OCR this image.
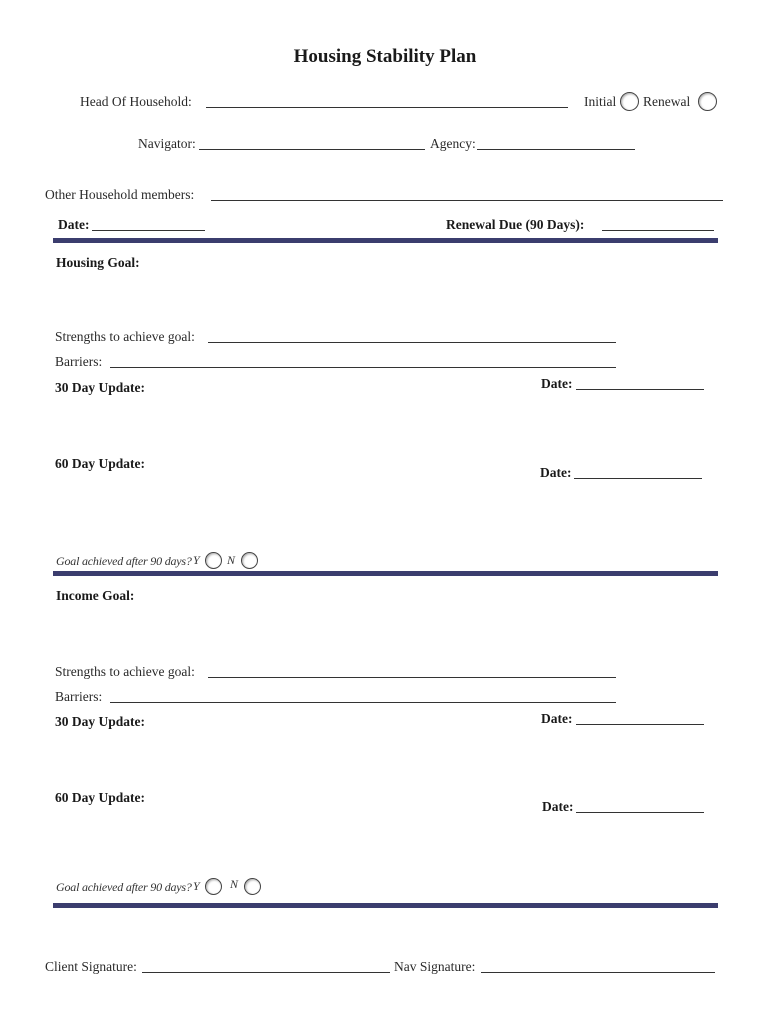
Housing Stability Plan
Head Of Household:	Initial Renewal
Navigator:	Agency:
Other Household members:
Date:	Renewal Due (90 Days):
Housing Goal:
Strengths to achieve goal:
Barriers:
30 Day Update:	Date:
60 Day Update:
Date:
Goal achieved after 90 days? Y N
Income Goal:
Strengths to achieve goal:
Barriers:
30 Day Update:	Date:
60 Day Update:
Date:
Goal achieved after 90 days? Y	N
Client Signature:	Nav Signature:
